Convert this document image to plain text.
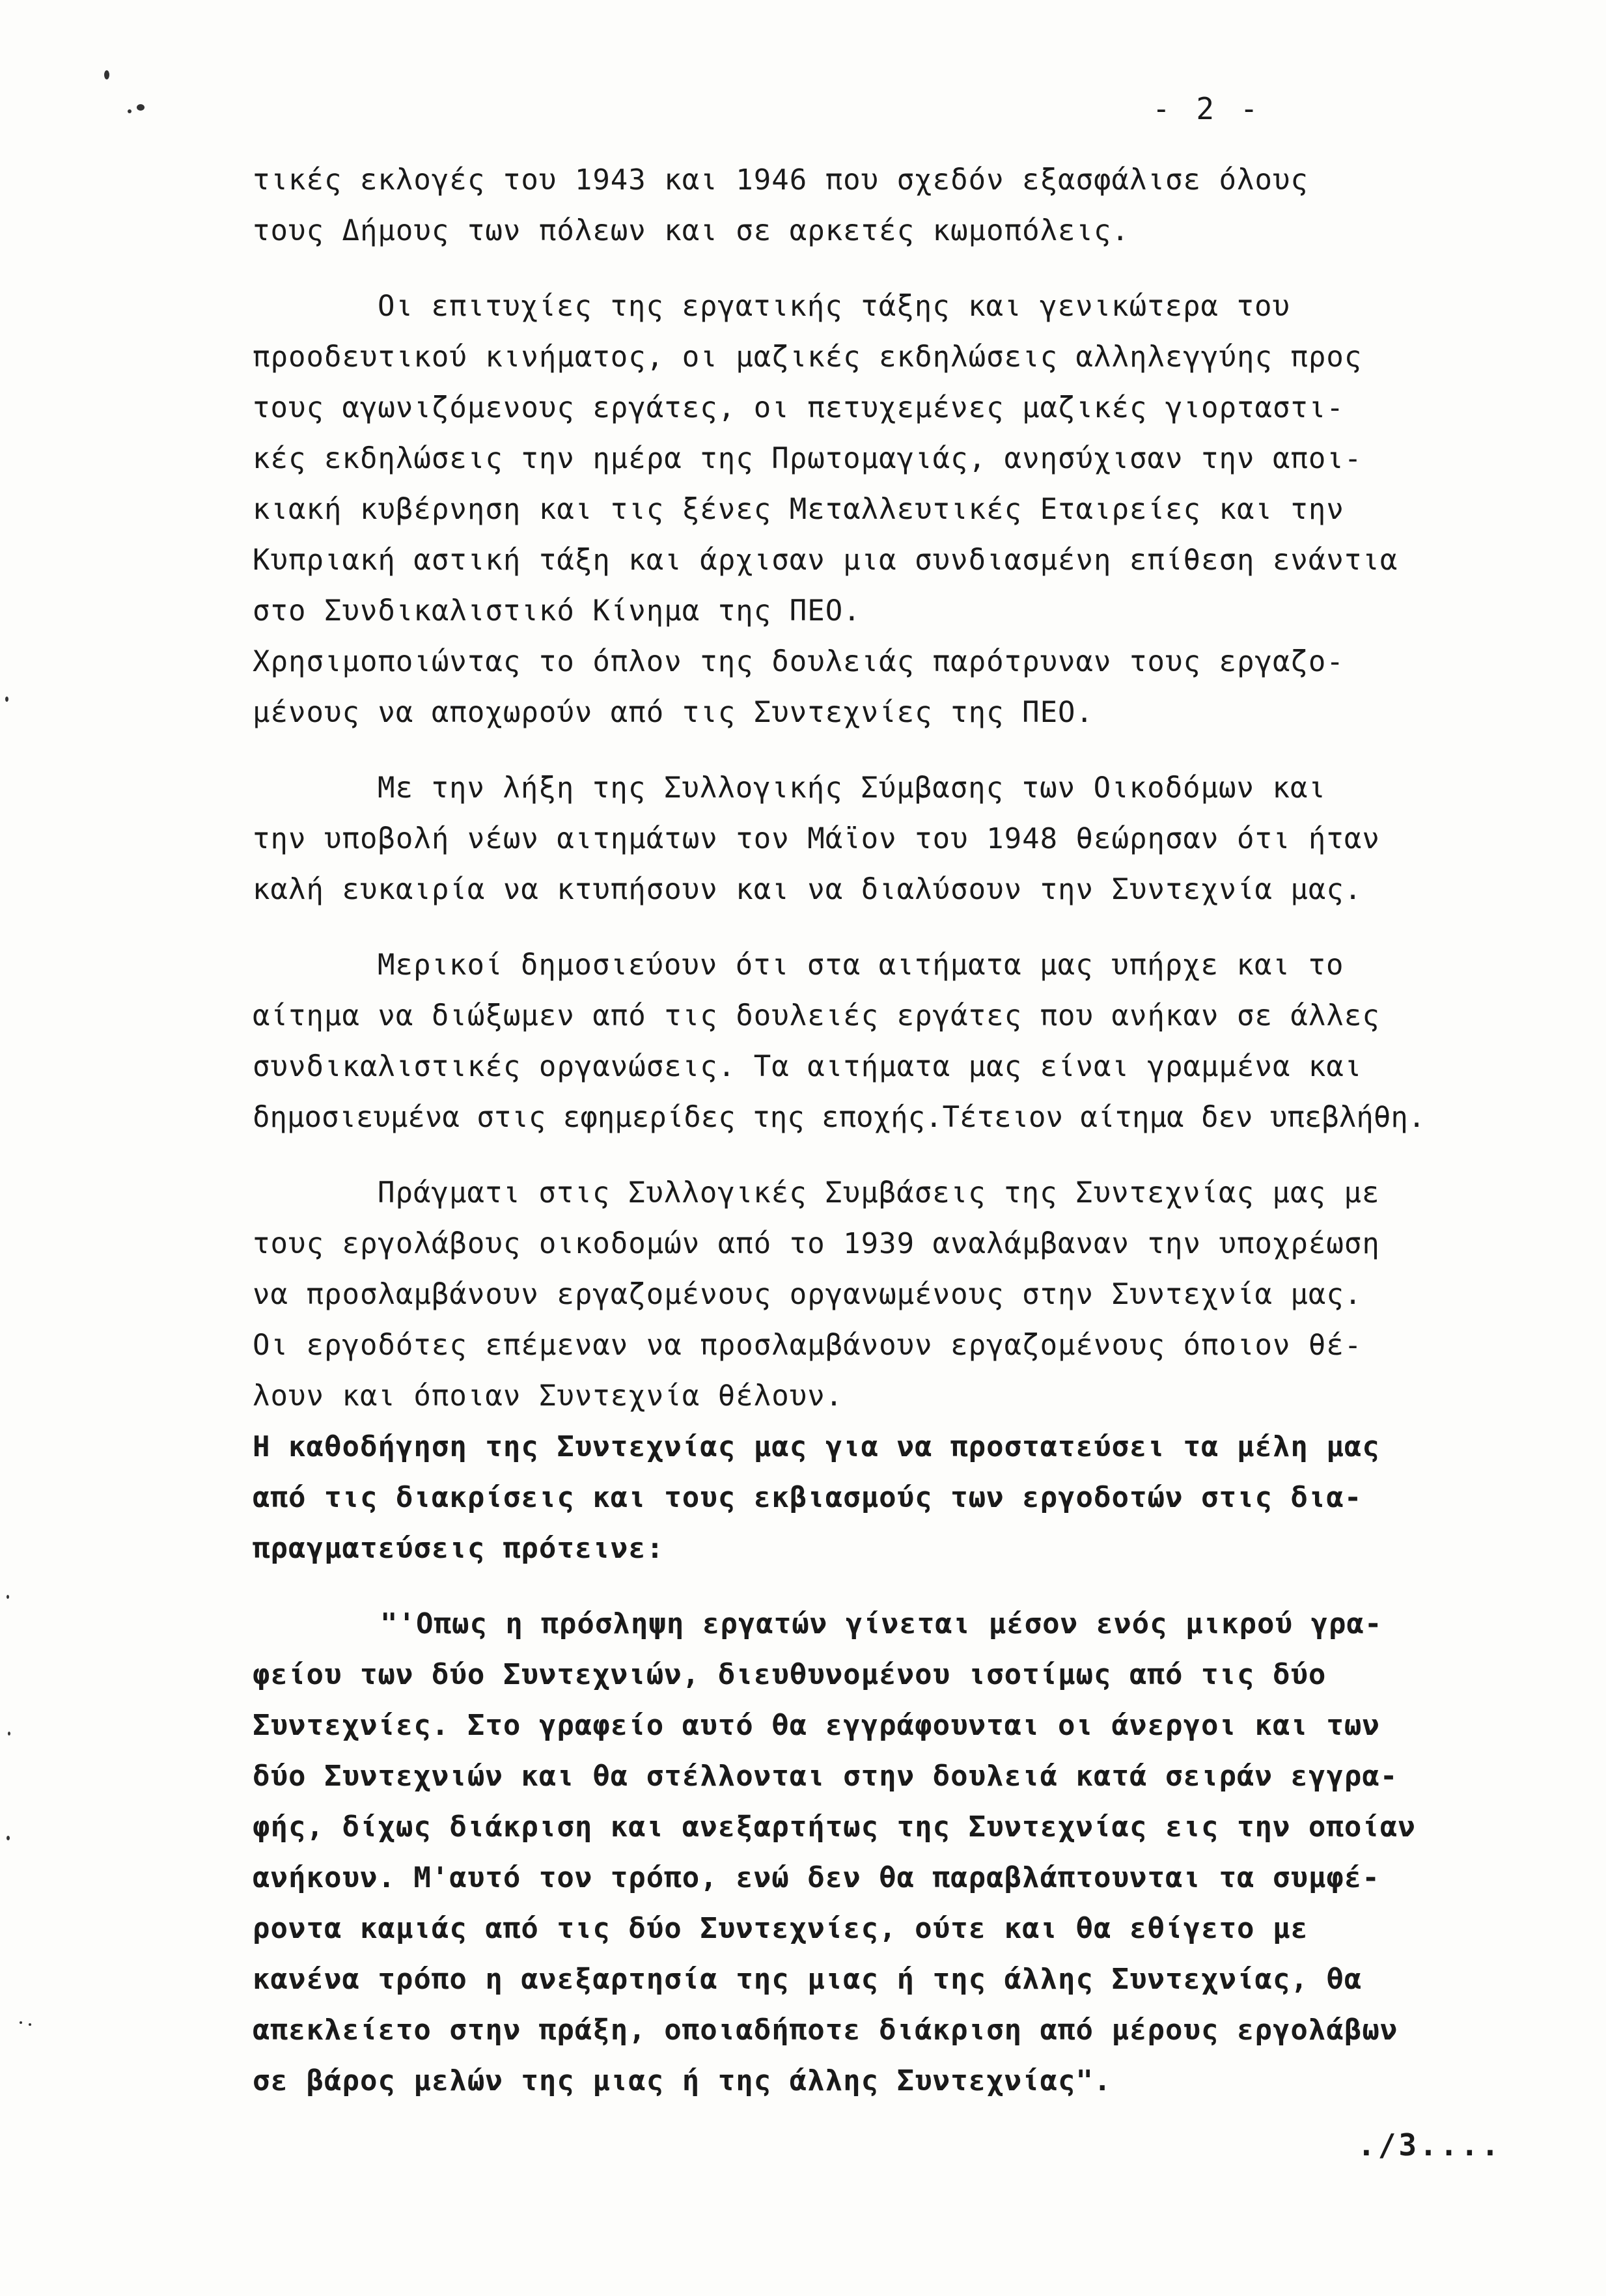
- 2 -
τικές εκλογές του 1943 και 1946 που σχεδόν εξασφάλισε όλους
τους Δήμους των πόλεων και σε αρκετές κωμοπόλεις.
Οι επιτυχίες της εργατικής τάξης και γενικώτερα του
προοδευτικού κινήματος, οι μαζικές εκδηλώσεις αλληλεγγύης προς
τους αγωνιζόμενους εργάτες, οι πετυχεμένες μαζικές γιορταστι-
κές εκδηλώσεις την ημέρα της Πρωτομαγιάς, ανησύχισαν την αποι-
κιακή κυβέρνηση και τις ξένες Μεταλλευτικές Εταιρείες και την
Κυπριακή αστική τάξη και άρχισαν μια συνδιασμένη επίθεση ενάντια
στο Συνδικαλιστικό Κίνημα της ΠΕΟ.
Χρησιμοποιώντας το όπλον της δουλειάς παρότρυναν τους εργαζο-
μένους να αποχωρούν από τις Συντεχνίες της ΠΕΟ.
Με την λήξη της Συλλογικής Σύμβασης των Οικοδόμων και
την υποβολή νέων αιτημάτων τον Μάϊον του 1948 θεώρησαν ότι ήταν
καλή ευκαιρία να κτυπήσουν και να διαλύσουν την Συντεχνία μας.
Μερικοί δημοσιεύουν ότι στα αιτήματα μας υπήρχε και το
αίτημα να διώξωμεν από τις δουλειές εργάτες που ανήκαν σε άλλες
συνδικαλιστικές οργανώσεις. Τα αιτήματα μας είναι γραμμένα και
δημοσιευμένα στις εφημερίδες της εποχής.Τέτειον αίτημα δεν υπεβλήθη.
Πράγματι στις Συλλογικές Συμβάσεις της Συντεχνίας μας με
τους εργολάβους οικοδομών από το 1939 αναλάμβαναν την υποχρέωση
να προσλαμβάνουν εργαζομένους οργανωμένους στην Συντεχνία μας.
Οι εργοδότες επέμεναν να προσλαμβάνουν εργαζομένους όποιον θέ-
λουν και όποιαν Συντεχνία θέλουν.
Η καθοδήγηση της Συντεχνίας μας για να προστατεύσει τα μέλη μας
από τις διακρίσεις και τους εκβιασμούς των εργοδοτών στις δια-
πραγματεύσεις πρότεινε:
"'Οπως η πρόσληψη εργατών γίνεται μέσον ενός μικρού γρα-
φείου των δύο Συντεχνιών, διευθυνομένου ισοτίμως από τις δύο
Συντεχνίες. Στο γραφείο αυτό θα εγγράφουνται οι άνεργοι και των
δύο Συντεχνιών και θα στέλλονται στην δουλειά κατά σειράν εγγρα-
φής, δίχως διάκριση και ανεξαρτήτως της Συντεχνίας εις την οποίαν
ανήκουν. Μ'αυτό τον τρόπο, ενώ δεν θα παραβλάπτουνται τα συμφέ-
ροντα καμιάς από τις δύο Συντεχνίες, ούτε και θα εθίγετο με
κανένα τρόπο η ανεξαρτησία της μιας ή της άλλης Συντεχνίας, θα
απεκλείετο στην πράξη, οποιαδήποτε διάκριση από μέρους εργολάβων
σε βάρος μελών της μιας ή της άλλης Συντεχνίας".
./3....
